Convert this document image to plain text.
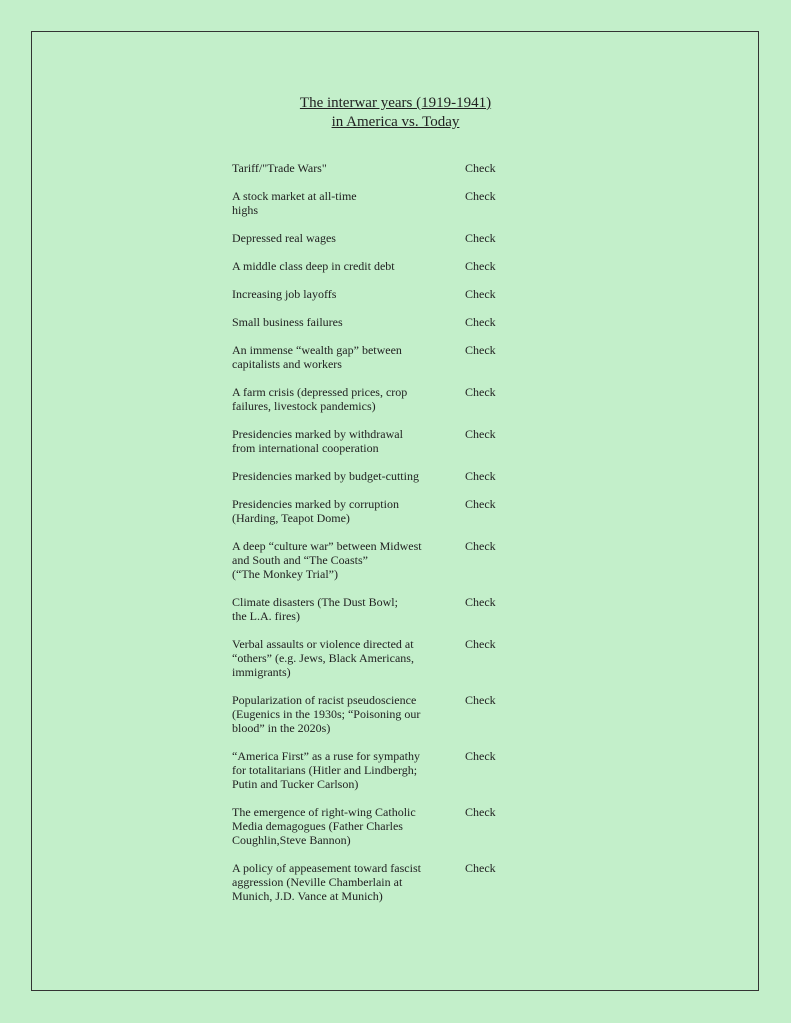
The interwar years (1919-1941)
in America vs. Today
Tariff/"Trade Wars"	Check
A stock market at all-time
highs
Check
Depressed real wages	Check
A middle class deep in credit debt	Check
Increasing job layoffs	Check
Small business failures	Check
An immense “wealth gap” between
capitalists and workers
Check
A farm crisis (depressed prices, crop
failures, livestock pandemics)
Check
Presidencies marked by withdrawal
from international cooperation
Check
Presidencies marked by budget-cutting	Check
Presidencies marked by corruption
(Harding, Teapot Dome)
Check
A deep “culture war” between Midwest
and South and “The Coasts”
(“The Monkey Trial”)
Check
Climate disasters (The Dust Bowl;
the L.A. fires)
Check
Verbal assaults or violence directed at
“others” (e.g. Jews, Black Americans,
immigrants)
Check
Popularization of racist pseudoscience
(Eugenics in the 1930s; “Poisoning our
blood” in the 2020s)
Check
“America First” as a ruse for sympathy
for totalitarians (Hitler and Lindbergh;
Putin and Tucker Carlson)
Check
The emergence of right-wing Catholic
Media demagogues (Father Charles
Coughlin,Steve Bannon)
Check
A policy of appeasement toward fascist
aggression (Neville Chamberlain at
Munich, J.D. Vance at Munich)
Check
